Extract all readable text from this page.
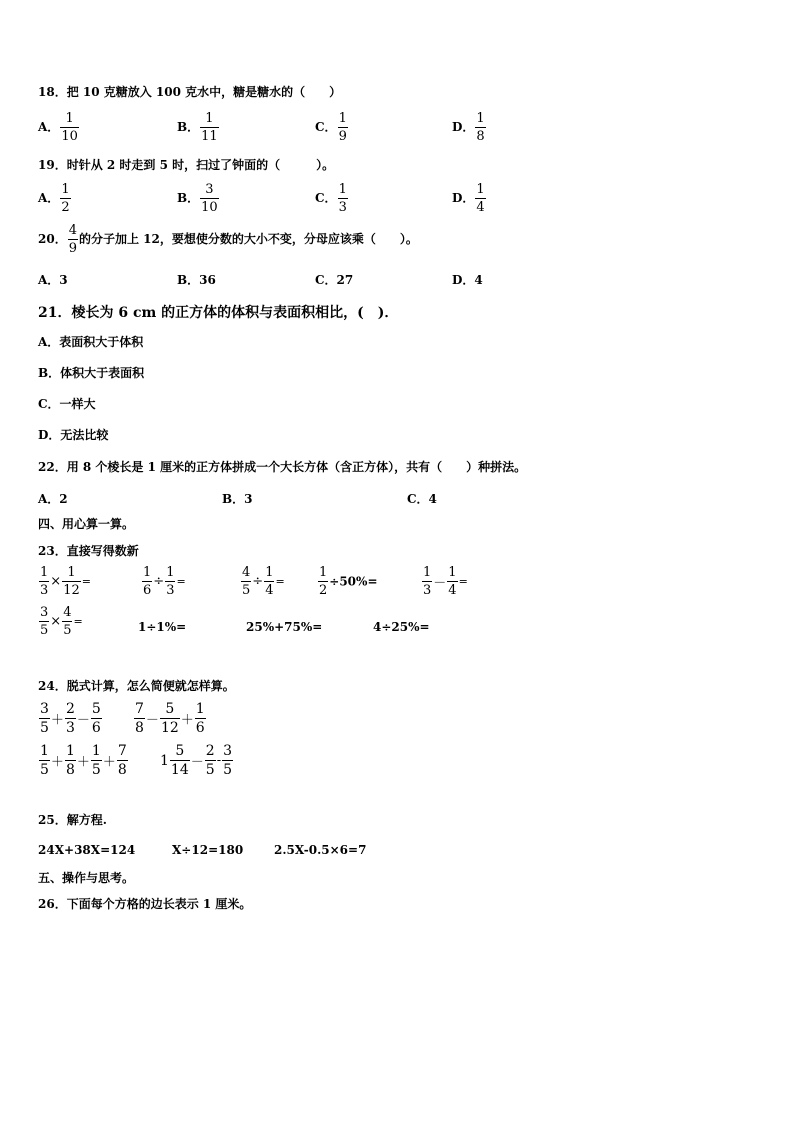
18．把 10 克糖放入 100 克水中，糖是糖水的（　　）
A． $\frac{1}{10}$	B． $\frac{1}{11}$	C． $\frac{1}{9}$	D． $\frac{1}{8}$
19．时针从 2 时走到 5 时，扫过了钟面的（　　　）。
A． $\frac{1}{2}$	B． $\frac{3}{10}$	C． $\frac{1}{3}$	D． $\frac{1}{4}$
20． $\frac{4}{9}$ 的分子加上 12，要想使分数的大小不变，分母应该乘（　　）。
A．3	B．36	C．27	D．4
21．棱长为 6 cm 的正方体的体积与表面积相比，(　)．
A．表面积大于体积
B．体积大于表面积
C．一样大
D．无法比较
22．用 8 个棱长是 1 厘米的正方体拼成一个大长方体（含正方体），共有（　　）种拼法。
A．2	B．3	C．4
四、用心算一算。
23．直接写得数新
$\frac{1}{3} \times \frac{1}{12}$ =	$\frac{1}{6} \div \frac{1}{3}$ =	$\frac{4}{5} \div \frac{1}{4}$ =	$\frac{1}{2} \div 50\%=$	$\frac{1}{3} - \frac{1}{4}$ =
$\frac{3}{5} \times \frac{4}{5}$ =	1÷1%=	25%+75%=	4÷25%=
24．脱式计算，怎么简便就怎样算。
$\frac{3}{5} + \frac{2}{3} - \frac{5}{6} \frac{7}{8} - \frac{5}{12} + \frac{1}{6}$
$\frac{1}{5} + \frac{1}{8} + \frac{1}{5} + \frac{7}{8} 1 \frac{5}{14} - \frac{2}{5} - \frac{3}{5}$
25．解方程.
24X+38X=124	X÷12=180	2.5X-0.5×6=7
五、操作与思考。
26．下面每个方格的边长表示 1 厘米。
